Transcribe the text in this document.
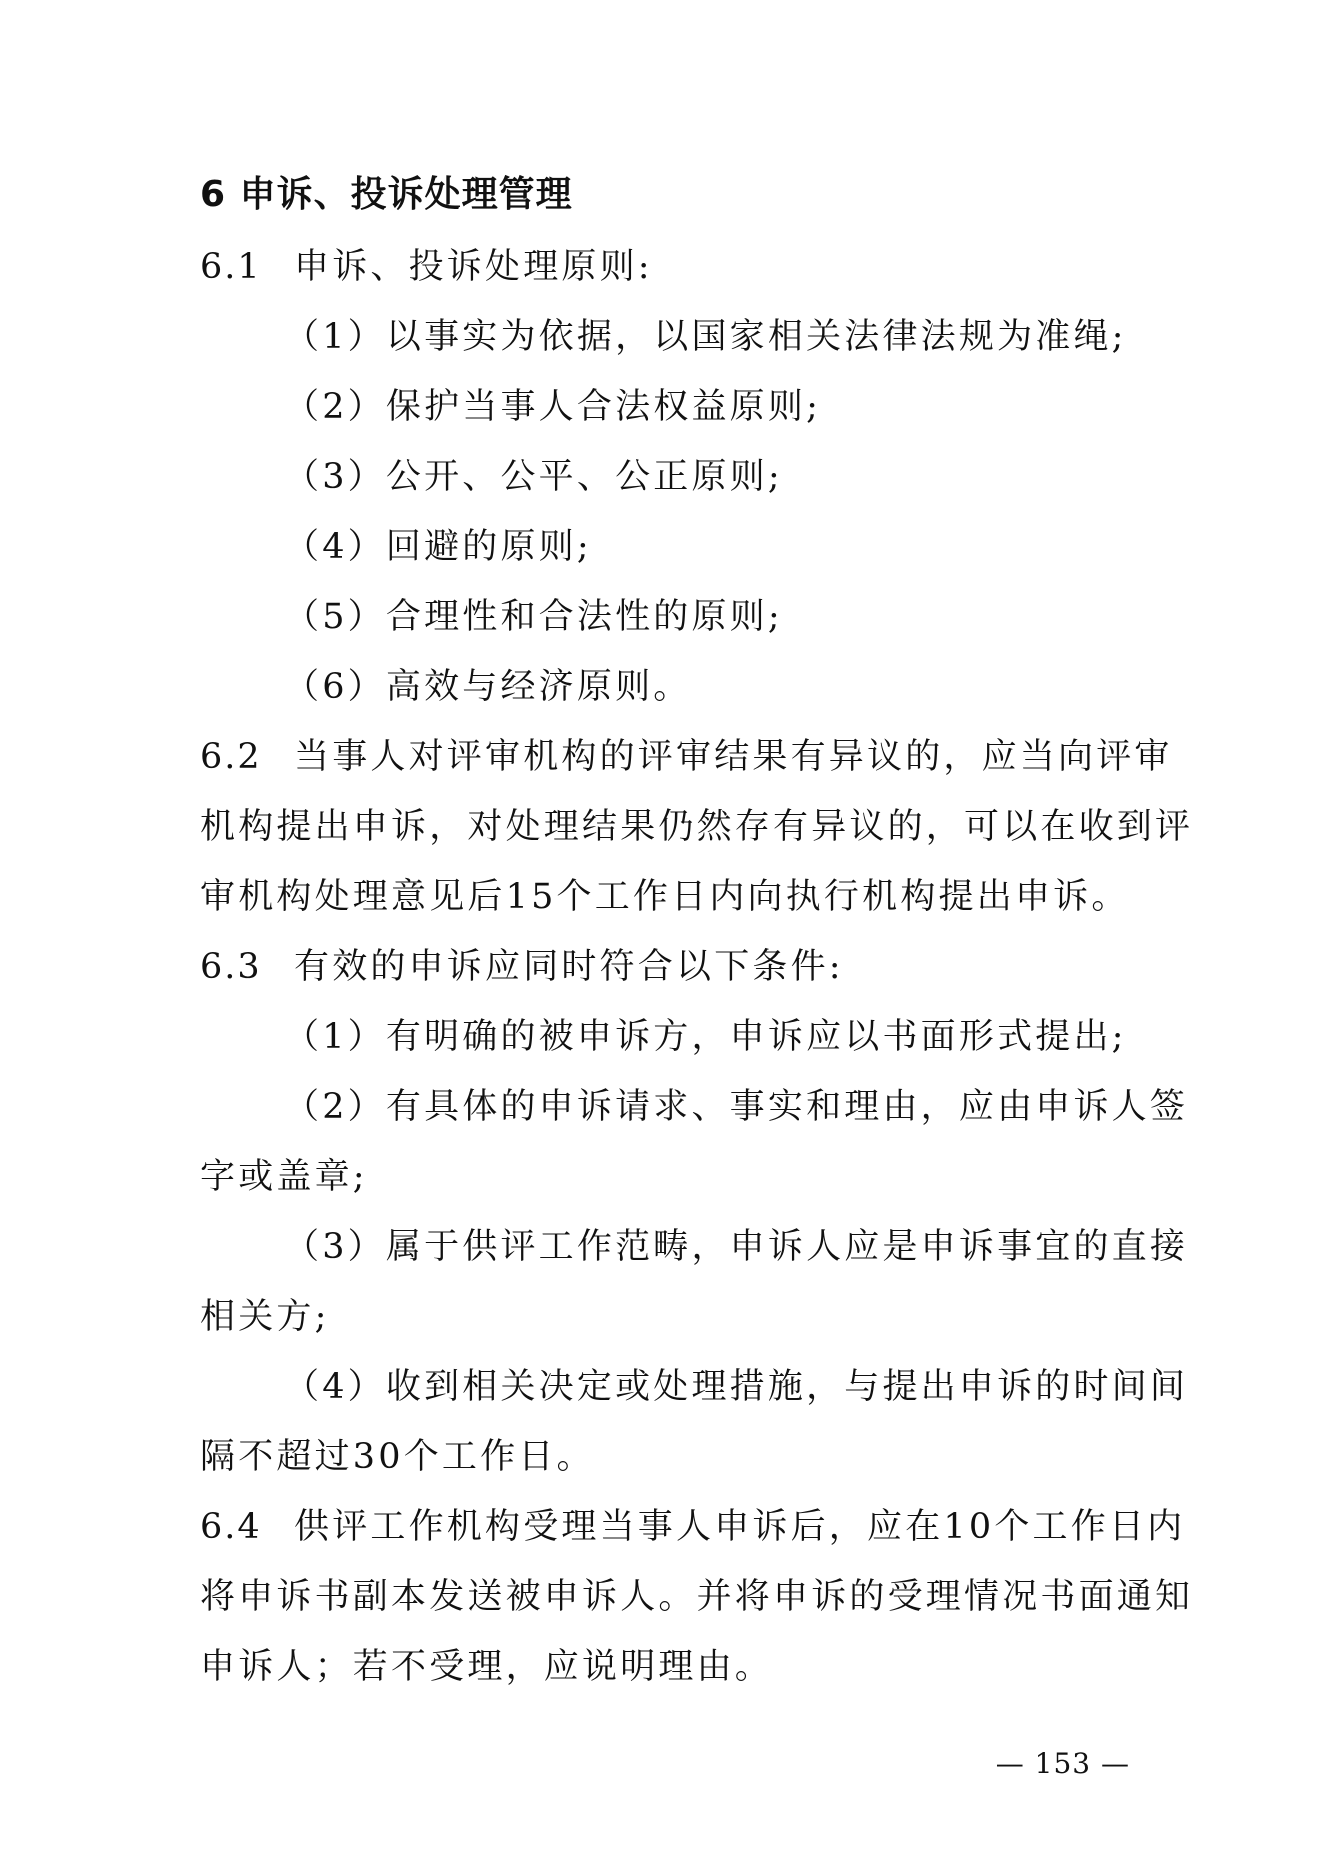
6 申诉、投诉处理管理
6.1 申诉、投诉处理原则:
（1）以事实为依据，以国家相关法律法规为准绳;
（2）保护当事人合法权益原则;
（3）公开、公平、公正原则;
（4）回避的原则;
（5）合理性和合法性的原则;
（6）高效与经济原则。
6.2 当事人对评审机构的评审结果有异议的，应当向评审
机构提出申诉，对处理结果仍然存有异议的，可以在收到评
审机构处理意见后15个工作日内向执行机构提出申诉。
6.3 有效的申诉应同时符合以下条件:
（1）有明确的被申诉方，申诉应以书面形式提出;
（2）有具体的申诉请求、事实和理由，应由申诉人签
字或盖章;
（3）属于供评工作范畴，申诉人应是申诉事宜的直接
相关方;
（4）收到相关决定或处理措施，与提出申诉的时间间
隔不超过30个工作日。
6.4 供评工作机构受理当事人申诉后，应在10个工作日内
将申诉书副本发送被申诉人。并将申诉的受理情况书面通知
申诉人；若不受理，应说明理由。
— 153 —
